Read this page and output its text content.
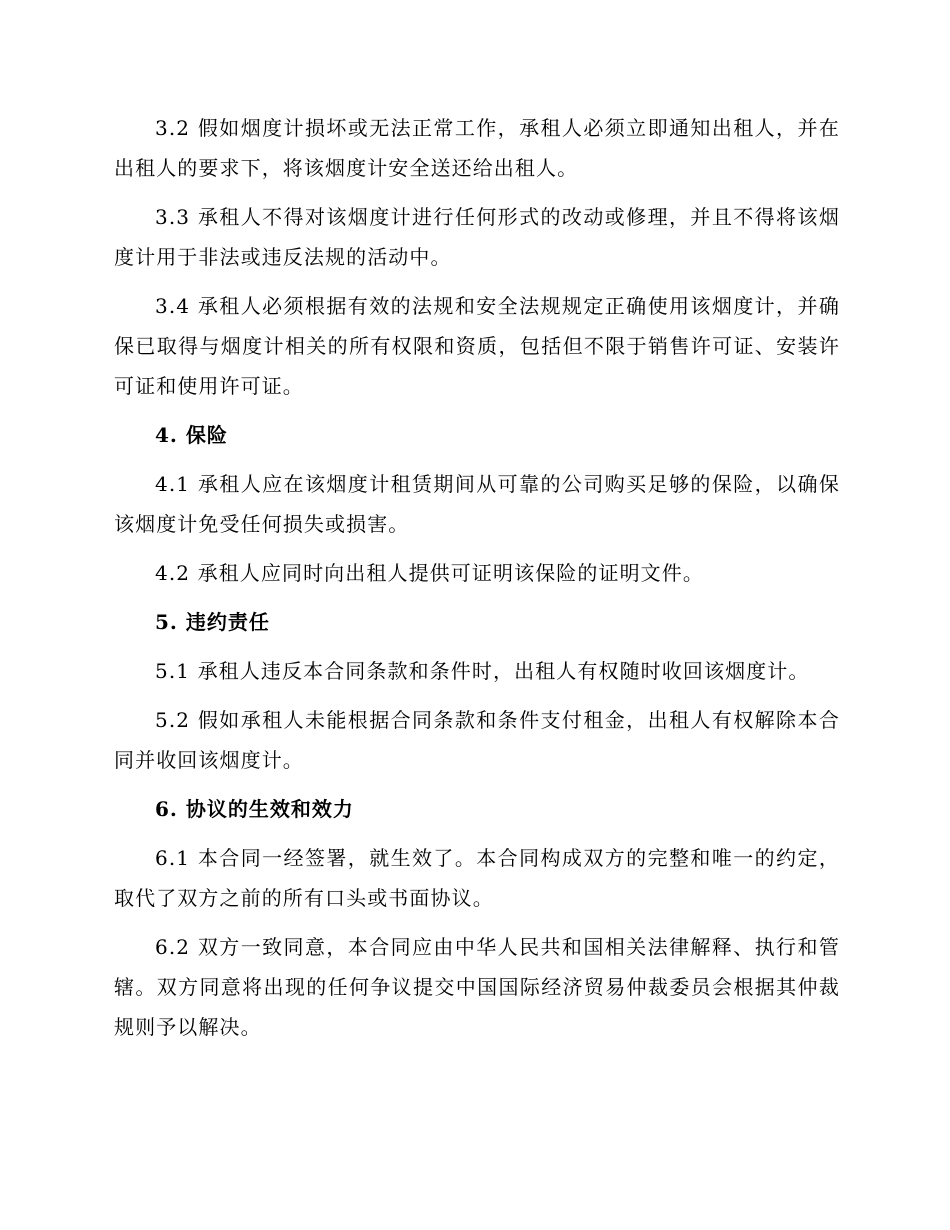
3.2 假如烟度计损坏或无法正常工作，承租人必须立即通知出租人，并在出租人的要求下，将该烟度计安全送还给出租人。

3.3 承租人不得对该烟度计进行任何形式的改动或修理，并且不得将该烟度计用于非法或违反法规的活动中。

3.4 承租人必须根据有效的法规和安全法规规定正确使用该烟度计，并确保已取得与烟度计相关的所有权限和资质，包括但不限于销售许可证、安装许可证和使用许可证。

4. 保险

4.1 承租人应在该烟度计租赁期间从可靠的公司购买足够的保险，以确保该烟度计免受任何损失或损害。

4.2 承租人应同时向出租人提供可证明该保险的证明文件。

5. 违约责任

5.1 承租人违反本合同条款和条件时，出租人有权随时收回该烟度计。

5.2 假如承租人未能根据合同条款和条件支付租金，出租人有权解除本合同并收回该烟度计。

6. 协议的生效和效力

6.1 本合同一经签署，就生效了。本合同构成双方的完整和唯一的约定，取代了双方之前的所有口头或书面协议。

6.2 双方一致同意，本合同应由中华人民共和国相关法律解释、执行和管辖。双方同意将出现的任何争议提交中国国际经济贸易仲裁委员会根据其仲裁规则予以解决。
